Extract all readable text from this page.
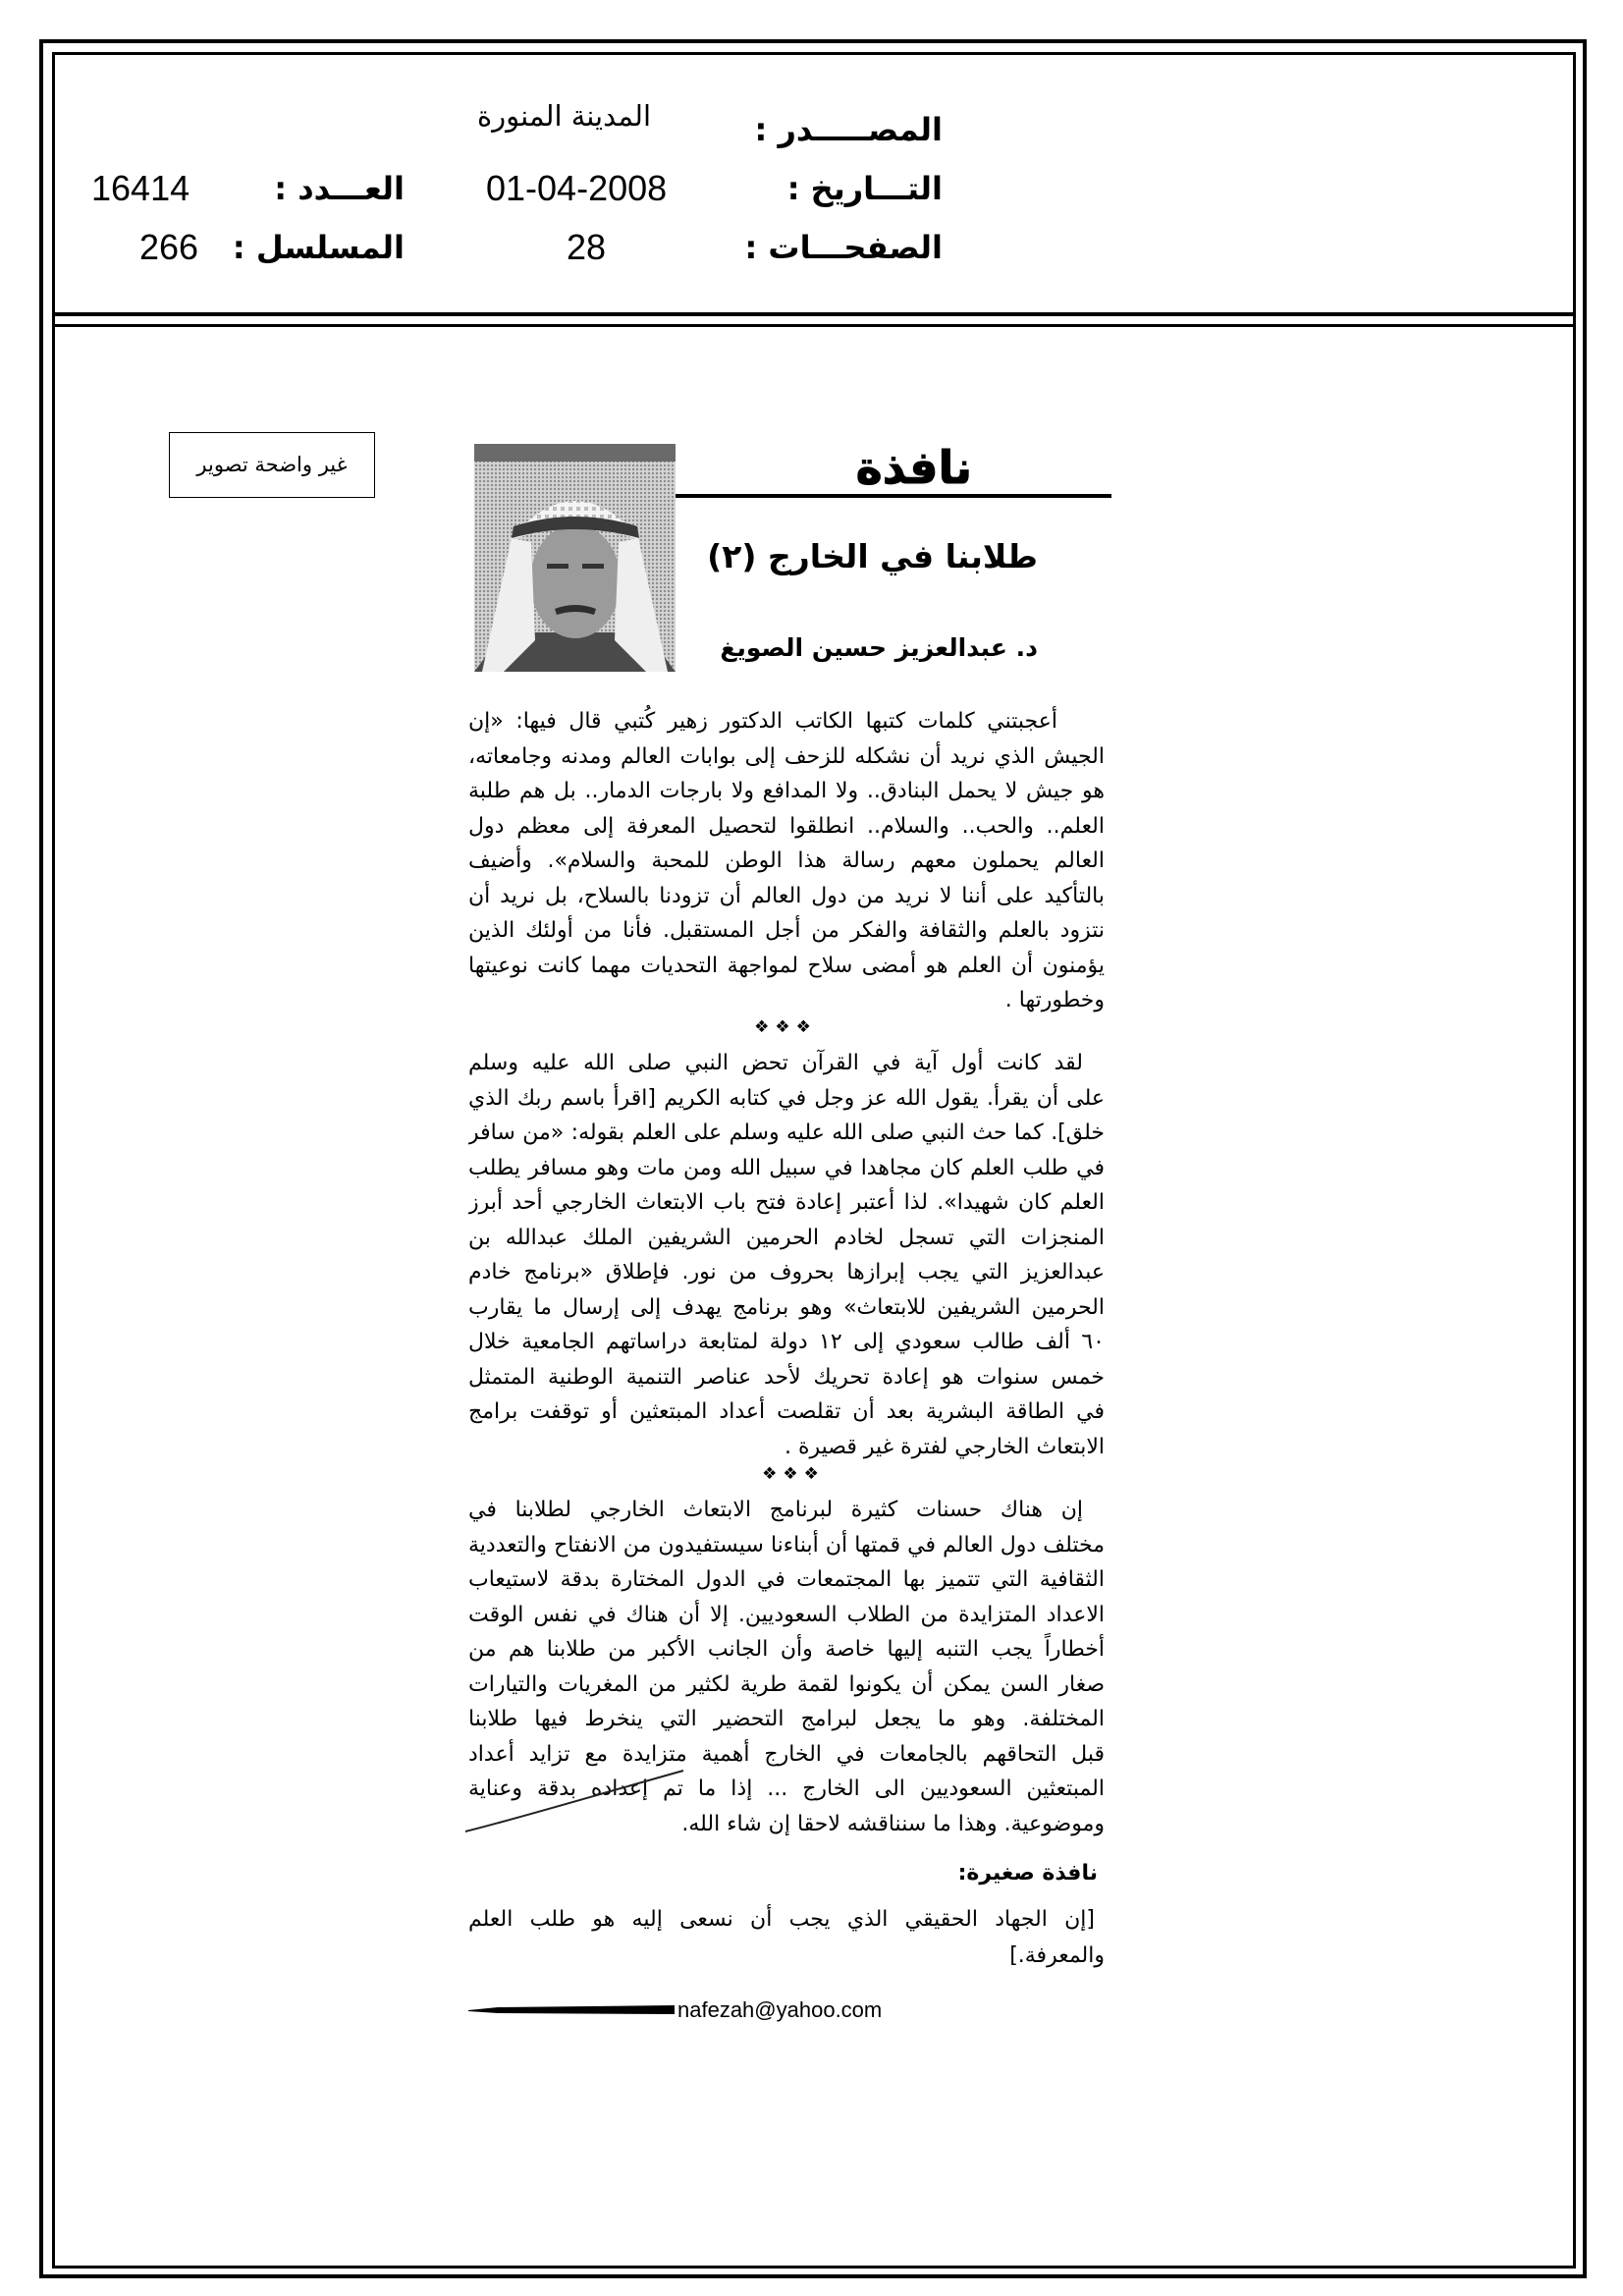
المصـــــدر :
المدينة المنورة
التـــاريخ :
01-04-2008
العـــدد :
16414
الصفحـــات :
28
المسلسل :
266
غير واضحة تصوير	نافذة
طلابنا في الخارج (٢)
د. عبدالعزيز حسين الصويغ
أعجبتني كلمات كتبها الكاتب الدكتور زهير كُتبي قال فيها: «إن
الجيش الذي نريد أن نشكله للزحف إلى بوابات العالم ومدنه وجامعاته،
هو جيش لا يحمل البنادق.. ولا المدافع ولا بارجات الدمار.. بل هم طلبة
العلم.. والحب.. والسلام.. انطلقوا لتحصيل المعرفة إلى معظم دول
العالم يحملون معهم رسالة هذا الوطن للمحبة والسلام». وأضيف
بالتأكيد على أننا لا نريد من دول العالم أن تزودنا بالسلاح، بل نريد أن
نتزود بالعلم والثقافة والفكر من أجل المستقبل. فأنا من أولئك الذين
يؤمنون أن العلم هو أمضى سلاح لمواجهة التحديات مهما كانت نوعيتها
وخطورتها .
❖❖❖
لقد كانت أول آية في القرآن تحض النبي صلى الله عليه وسلم
على أن يقرأ. يقول الله عز وجل في كتابه الكريم [اقرأ باسم ربك الذي
خلق]. كما حث النبي صلى الله عليه وسلم على العلم بقوله: «من سافر
في طلب العلم كان مجاهدا في سبيل الله ومن مات وهو مسافر يطلب
العلم كان شهيدا». لذا أعتبر إعادة فتح باب الابتعاث الخارجي أحد أبرز
المنجزات التي تسجل لخادم الحرمين الشريفين الملك عبدالله بن
عبدالعزيز التي يجب إبرازها بحروف من نور. فإطلاق «برنامج خادم
الحرمين الشريفين للابتعاث» وهو برنامج يهدف إلى إرسال ما يقارب
٦٠ ألف طالب سعودي إلى ١٢ دولة لمتابعة دراساتهم الجامعية خلال
خمس سنوات هو إعادة تحريك لأحد عناصر التنمية الوطنية المتمثل
في الطاقة البشرية بعد أن تقلصت أعداد المبتعثين أو توقفت برامج
الابتعاث الخارجي لفترة غير قصيرة .
❖❖❖
إن هناك حسنات كثيرة لبرنامج الابتعاث الخارجي لطلابنا في
مختلف دول العالم في قمتها أن أبناءنا سيستفيدون من الانفتاح والتعددية
الثقافية التي تتميز بها المجتمعات في الدول المختارة بدقة لاستيعاب
الاعداد المتزايدة من الطلاب السعوديين. إلا أن هناك في نفس الوقت
أخطاراً يجب التنبه إليها خاصة وأن الجانب الأكبر من طلابنا هم من
صغار السن يمكن أن يكونوا لقمة طرية لكثير من المغريات والتيارات
المختلفة. وهو ما يجعل لبرامج التحضير التي ينخرط فيها طلابنا
قبل التحاقهم بالجامعات في الخارج أهمية متزايدة مع تزايد أعداد
المبتعثين السعوديين الى الخارج ... إذا ما تم إعداده بدقة وعناية
وموضوعية. وهذا ما سنناقشه لاحقا إن شاء الله.
نافذة صغيرة:
[إن الجهاد الحقيقي الذي يجب أن نسعى إليه هو طلب العلم
والمعرفة.]
nafezah@yahoo.com
